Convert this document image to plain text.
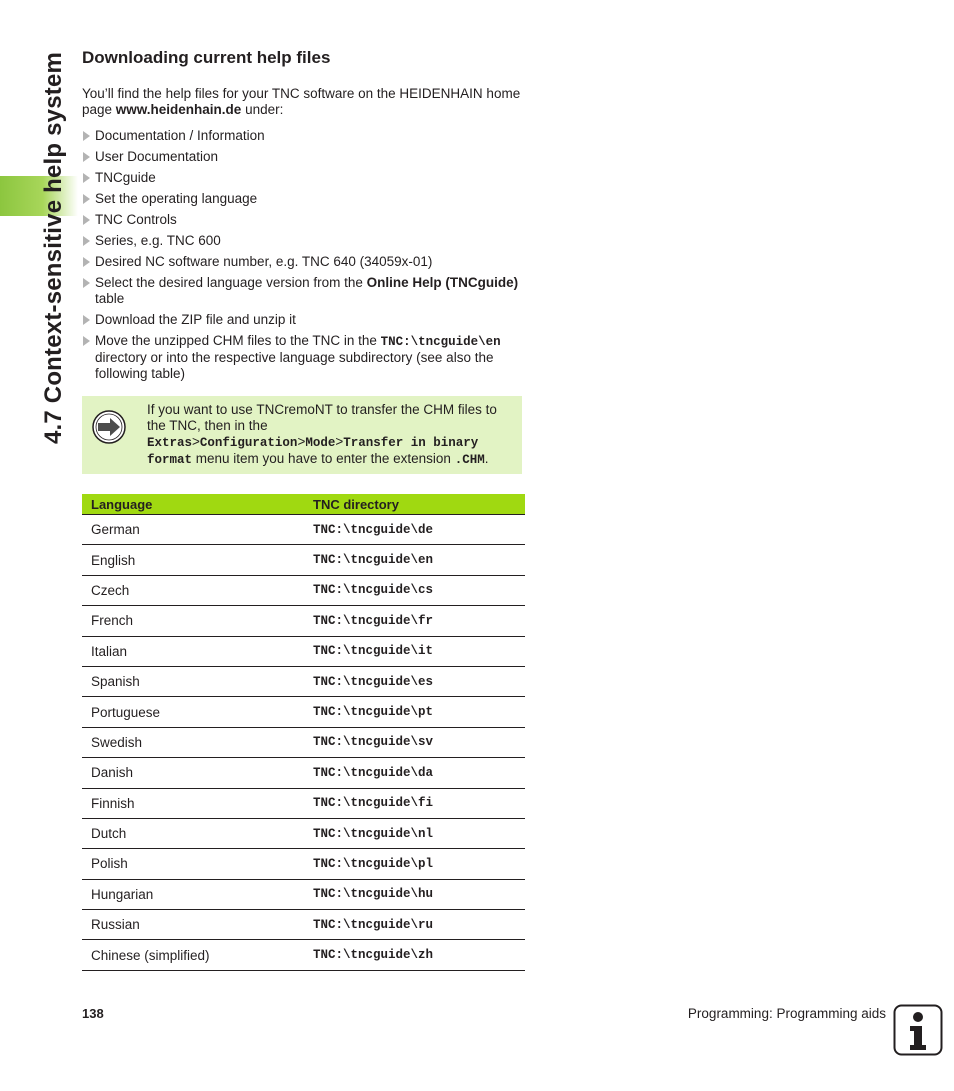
4.7 Context-sensitive help system Downloading current help files

You’ll find the help files for your TNC software on the HEIDENHAIN home page www.heidenhain.de under:

Documentation / Information
User Documentation
TNCguide
Set the operating language
TNC Controls
Series, e.g. TNC 600
Desired NC software number, e.g. TNC 640 (34059x-01)
Select the desired language version from the Online Help (TNCguide) table
Download the ZIP file and unzip it
Move the unzipped CHM files to the TNC in the TNC:\tncguide\en directory or into the respective language subdirectory (see also the following table)
If you want to use TNCremoNT to transfer the CHM files to the TNC, then in the Extras>Configuration>Mode>Transfer in binary format menu item you have to enter the extension .CHM.
Language	TNC directory
German	TNC:\tncguide\de
English	TNC:\tncguide\en
Czech	TNC:\tncguide\cs
French	TNC:\tncguide\fr
Italian	TNC:\tncguide\it
Spanish	TNC:\tncguide\es
Portuguese	TNC:\tncguide\pt
Swedish	TNC:\tncguide\sv
Danish	TNC:\tncguide\da
Finnish	TNC:\tncguide\fi
Dutch	TNC:\tncguide\nl
Polish	TNC:\tncguide\pl
Hungarian	TNC:\tncguide\hu
Russian	TNC:\tncguide\ru
Chinese (simplified)	TNC:\tncguide\zh
138	Programming: Programming aids
